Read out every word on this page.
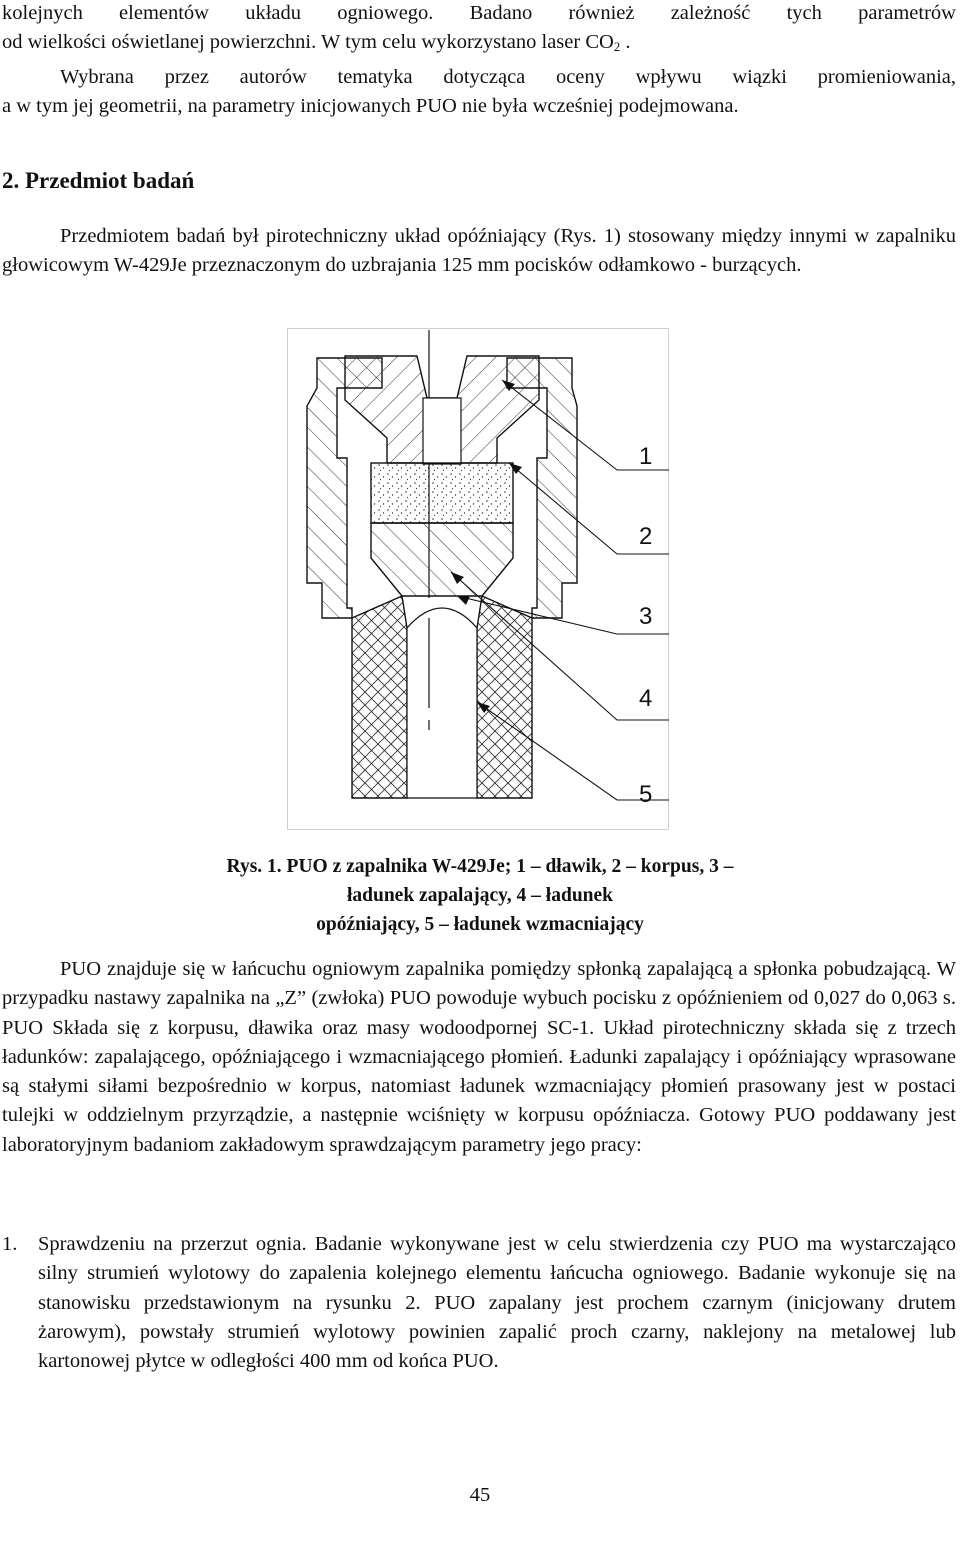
kolejnych elementów układu ogniowego. Badano również zależność tych parametrów
od wielkości oświetlanej powierzchni. W tym celu wykorzystano laser $CO_2$ .
Wybrana przez autorów tematyka dotycząca oceny wpływu wiązki promieniowania,
a w tym jej geometrii, na parametry inicjowanych PUO nie była wcześniej podejmowana.
2. Przedmiot badań

Przedmiotem badań był pirotechniczny układ opóźniający (Rys. 1) stosowany między innymi w zapalniku głowicowym W-429Je przeznaczonym do uzbrajania 125 mm pocisków odłamkowo - burzących.

1
2
3
4
5
Rys. 1. PUO z zapalnika W-429Je; 1 – dławik, 2 – korpus, 3 – ładunek zapalający, 4 – ładunek
opóźniający, 5 – ładunek wzmacniający

PUO znajduje się w łańcuchu ogniowym zapalnika pomiędzy spłonką zapalającą a spłonka pobudzającą. W przypadku nastawy zapalnika na „Z” (zwłoka) PUO powoduje wybuch pocisku z opóźnieniem od 0,027 do 0,063 s. PUO Składa się z korpusu, dławika oraz masy wodoodpornej SC-1. Układ pirotechniczny składa się z trzech ładunków: zapalającego, opóźniającego i wzmacniającego płomień. Ładunki zapalający i opóźniający wprasowane są stałymi siłami bezpośrednio w korpus, natomiast ładunek wzmacniający płomień prasowany jest w postaci tulejki w oddzielnym przyrządzie, a następnie wciśnięty w korpusu opóźniacza. Gotowy PUO poddawany jest laboratoryjnym badaniom zakładowym sprawdzającym parametry jego pracy:

1.	Sprawdzeniu na przerzut ognia. Badanie wykonywane jest w celu stwierdzenia czy PUO ma wystarczająco silny strumień wylotowy do zapalenia kolejnego elementu łańcucha ogniowego. Badanie wykonuje się na stanowisku przedstawionym na rysunku 2. PUO zapalany jest prochem czarnym (inicjowany drutem żarowym), powstały strumień wylotowy powinien zapalić proch czarny, naklejony na metalowej lub kartonowej płytce w odległości 400 mm od końca PUO.
45
